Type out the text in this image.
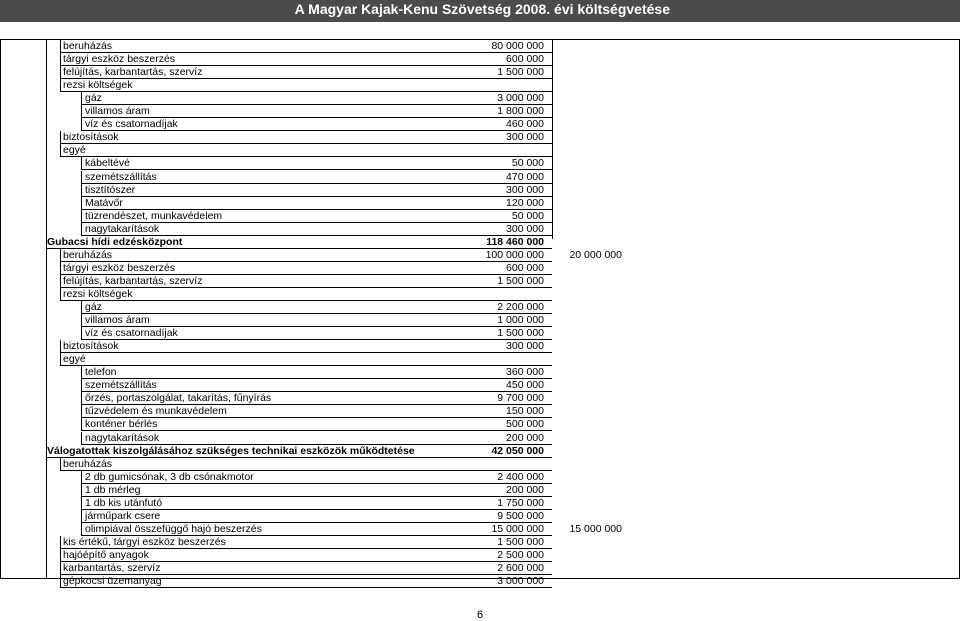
A Magyar Kajak-Kenu Szövetség 2008. évi költségvetése
beruházás	80 000 000
tárgyi eszköz beszerzés	600 000
felújítás, karbantartás, szervíz	1 500 000
rezsi költségek
gáz	3 000 000
villamos áram	1 800 000
víz és csatornadíjak	460 000
biztosítások	300 000
egyé
kábeltévé	50 000
szemétszállítás	470 000
tisztítószer	300 000
Matávőr	120 000
tüzrendészet, munkavédelem	50 000
nagytakarítások	300 000
Gubacsi hídi edzésközpont	118 460 000
beruházás	100 000 000	20 000 000
tárgyi eszköz beszerzés	600 000
felújítás, karbantartás, szervíz	1 500 000
rezsi költségek
gáz	2 200 000
villamos áram	1 000 000
víz és csatornadíjak	1 500 000
biztosítások	300 000
egyé
telefon	360 000
szemétszállítás	450 000
őrzés, portaszolgálat, takarítás, fűnyírás	9 700 000
tűzvédelem és munkavédelem	150 000
konténer bérlés	500 000
nagytakarítások	200 000
Válogatottak kiszolgálásához szükséges technikai eszközök működtetése	42 050 000
beruházás
2 db gumicsónak, 3 db csónakmotor	2 400 000
1 db mérleg	200 000
1 db kis utánfutó	1 750 000
járműpark csere	9 500 000
olimpiával összefüggő hajó beszerzés	15 000 000	15 000 000
kis értékű, tárgyi eszköz beszerzés	1 500 000
hajóépítő anyagok	2 500 000
karbantartás, szervíz	2 600 000
gépkocsi üzemanyag	3 000 000
6
